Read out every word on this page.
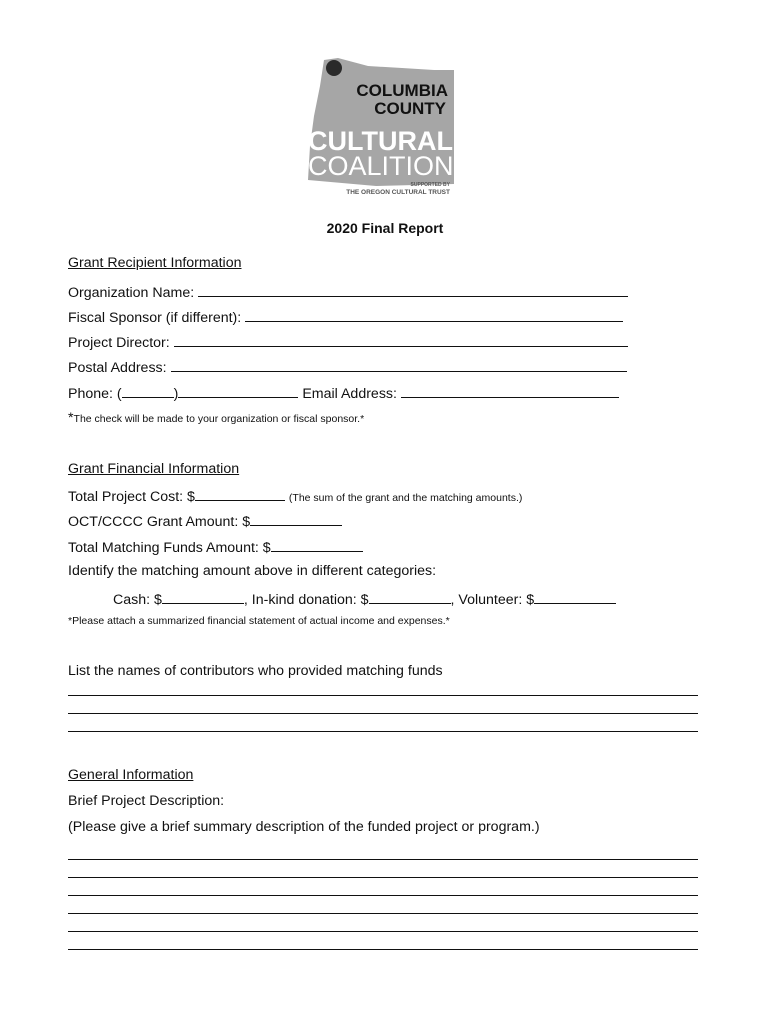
COLUMBIA
COUNTY
CULTURAL
COALITION
SUPPORTED BY
THE OREGON CULTURAL TRUST
2020 Final Report
Grant Recipient Information
Organization Name:
Fiscal Sponsor (if different):
Project Director:
Postal Address:
Phone: (	)	Email Address:
*The check will be made to your organization or fiscal sponsor.*
Grant Financial Information
Total Project Cost: $	(The sum of the grant and the matching amounts.)
OCT/CCCC Grant Amount: $
Total Matching Funds Amount: $
Identify the matching amount above in different categories:
Cash: $	, In-kind donation: $	, Volunteer: $
*Please attach a summarized financial statement of actual income and expenses.*
List the names of contributors who provided matching funds
General Information
Brief Project Description:
(Please give a brief summary description of the funded project or program.)
